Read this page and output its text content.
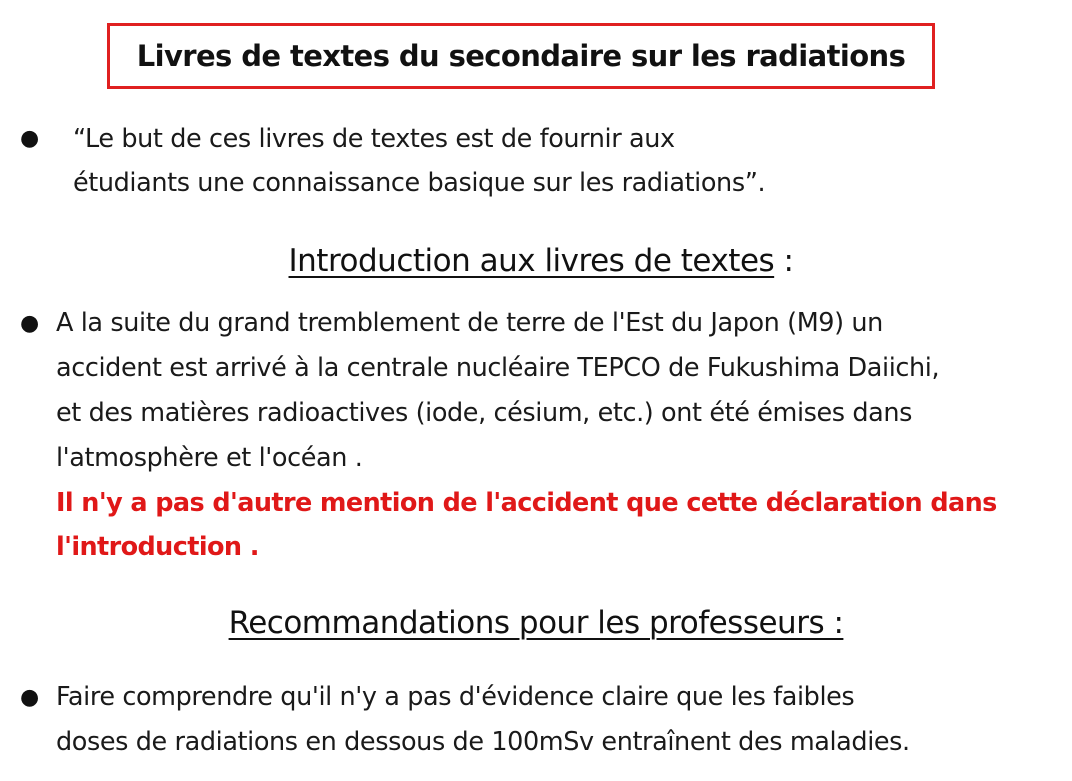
Livres de textes du secondaire sur les radiations
● “Le but de ces livres de textes est de fournir aux
étudiants une connaissance basique sur les radiations”.
Introduction aux livres de textes :
● A la suite du grand tremblement de terre de l'Est du Japon (M9) un
accident est arrivé à la centrale nucléaire TEPCO de Fukushima Daiichi,
et des matières radioactives (iode, césium, etc.) ont été émises dans
l'atmosphère et l'océan .
Il n'y a pas d'autre mention de l'accident que cette déclaration dans
l'introduction .
Recommandations pour les professeurs :
● Faire comprendre qu'il n'y a pas d'évidence claire que les faibles
doses de radiations en dessous de 100mSv entraînent des maladies.
